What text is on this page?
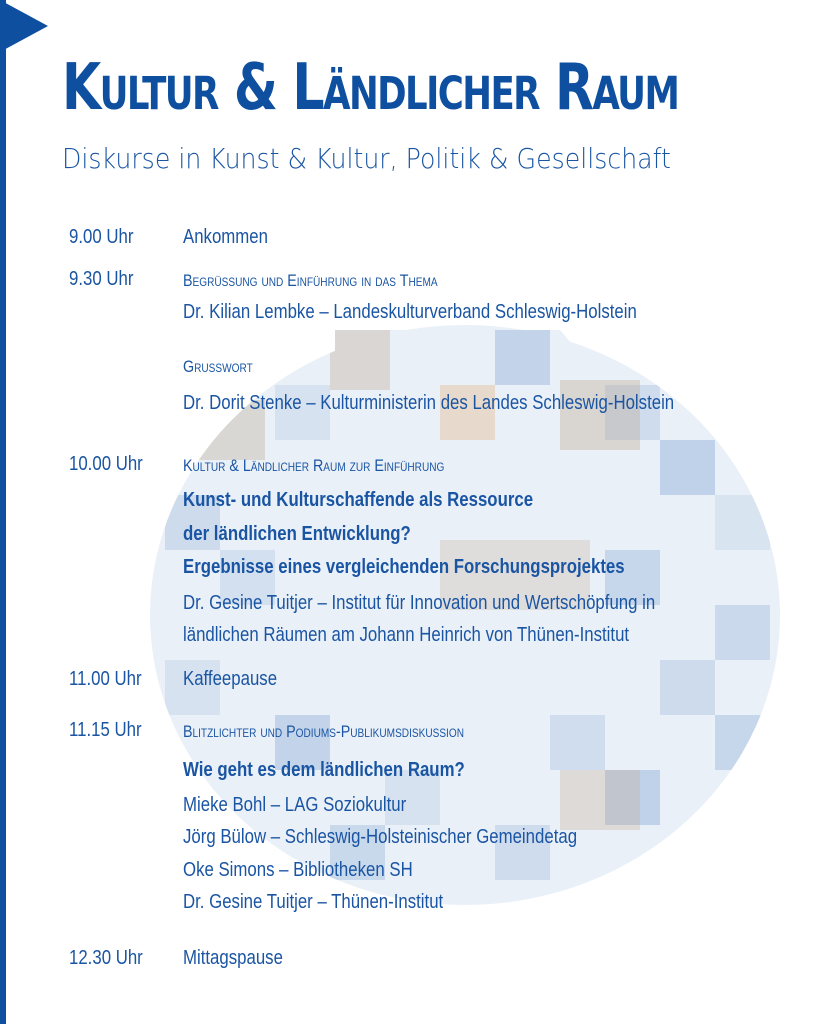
Kultur & Ländlicher Raum
Diskurse in Kunst & Kultur, Politik & Gesellschaft
9.00 Uhr Ankommen
9.30 Uhr	Begrüßung und Einführung in das Thema
Dr. Kilian Lembke – Landeskulturverband Schleswig-Holstein
Grußwort
Dr. Dorit Stenke – Kulturministerin des Landes Schleswig-Holstein
10.00 Uhr Kultur & Ländlicher Raum zur Einführung
Kunst- und Kulturschaffende als Ressource
der ländlichen Entwicklung?
Ergebnisse eines vergleichenden Forschungsprojektes
Dr. Gesine Tuitjer – Institut für Innovation und Wertschöpfung in
ländlichen Räumen am Johann Heinrich von Thünen-Institut
11.00 Uhr Kaffeepause
11.15 Uhr Blitzlichter und Podiums-Publikumsdiskussion
Wie geht es dem ländlichen Raum?
Mieke Bohl – LAG Soziokultur
Jörg Bülow – Schleswig-Holsteinischer Gemeindetag
Oke Simons – Bibliotheken SH
Dr. Gesine Tuitjer – Thünen-Institut
12.30 Uhr Mittagspause
